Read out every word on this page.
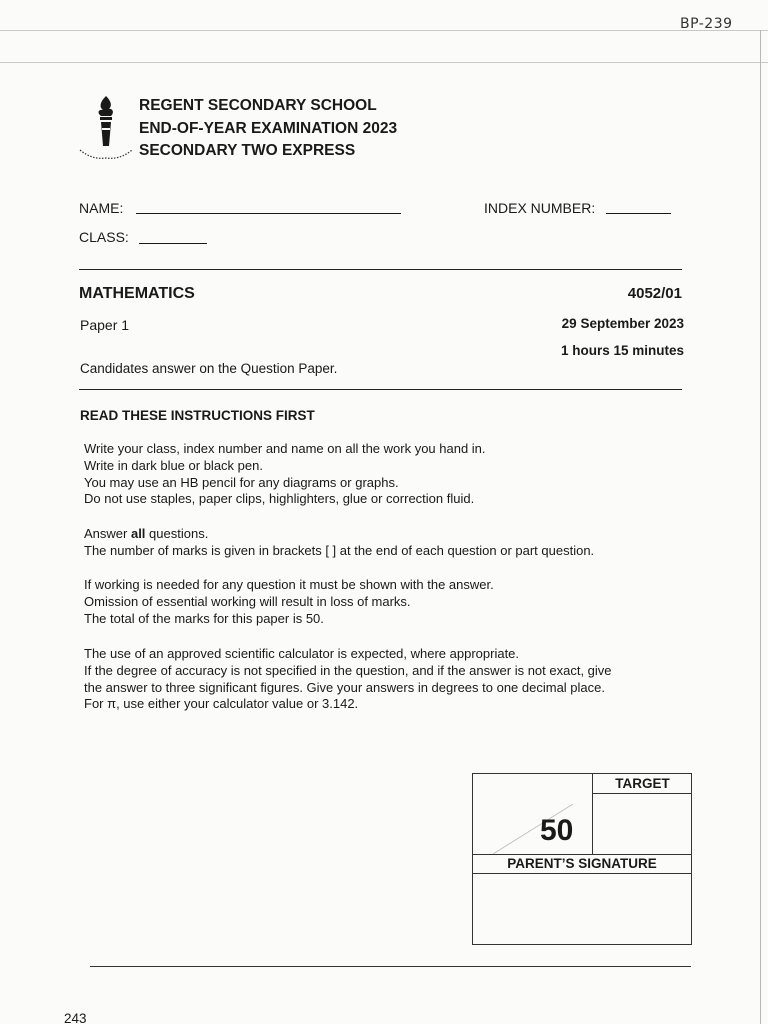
BP-239
REGENT SECONDARY SCHOOL
END-OF-YEAR EXAMINATION 2023
SECONDARY TWO EXPRESS
NAME:	INDEX NUMBER:
CLASS:
MATHEMATICS	4052/01
Paper 1	29 September 2023
1 hours 15 minutes
Candidates answer on the Question Paper.
READ THESE INSTRUCTIONS FIRST
Write your class, index number and name on all the work you hand in.
Write in dark blue or black pen.
You may use an HB pencil for any diagrams or graphs.
Do not use staples, paper clips, highlighters, glue or correction fluid.
Answer all questions.
The number of marks is given in brackets [ ] at the end of each question or part question.
If working is needed for any question it must be shown with the answer.
Omission of essential working will result in loss of marks.
The total of the marks for this paper is 50.
The use of an approved scientific calculator is expected, where appropriate.
If the degree of accuracy is not specified in the question, and if the answer is not exact, give
the answer to three significant figures. Give your answers in degrees to one decimal place.
For π, use either your calculator value or 3.142.
50
TARGET
PARENT’S SIGNATURE
243
